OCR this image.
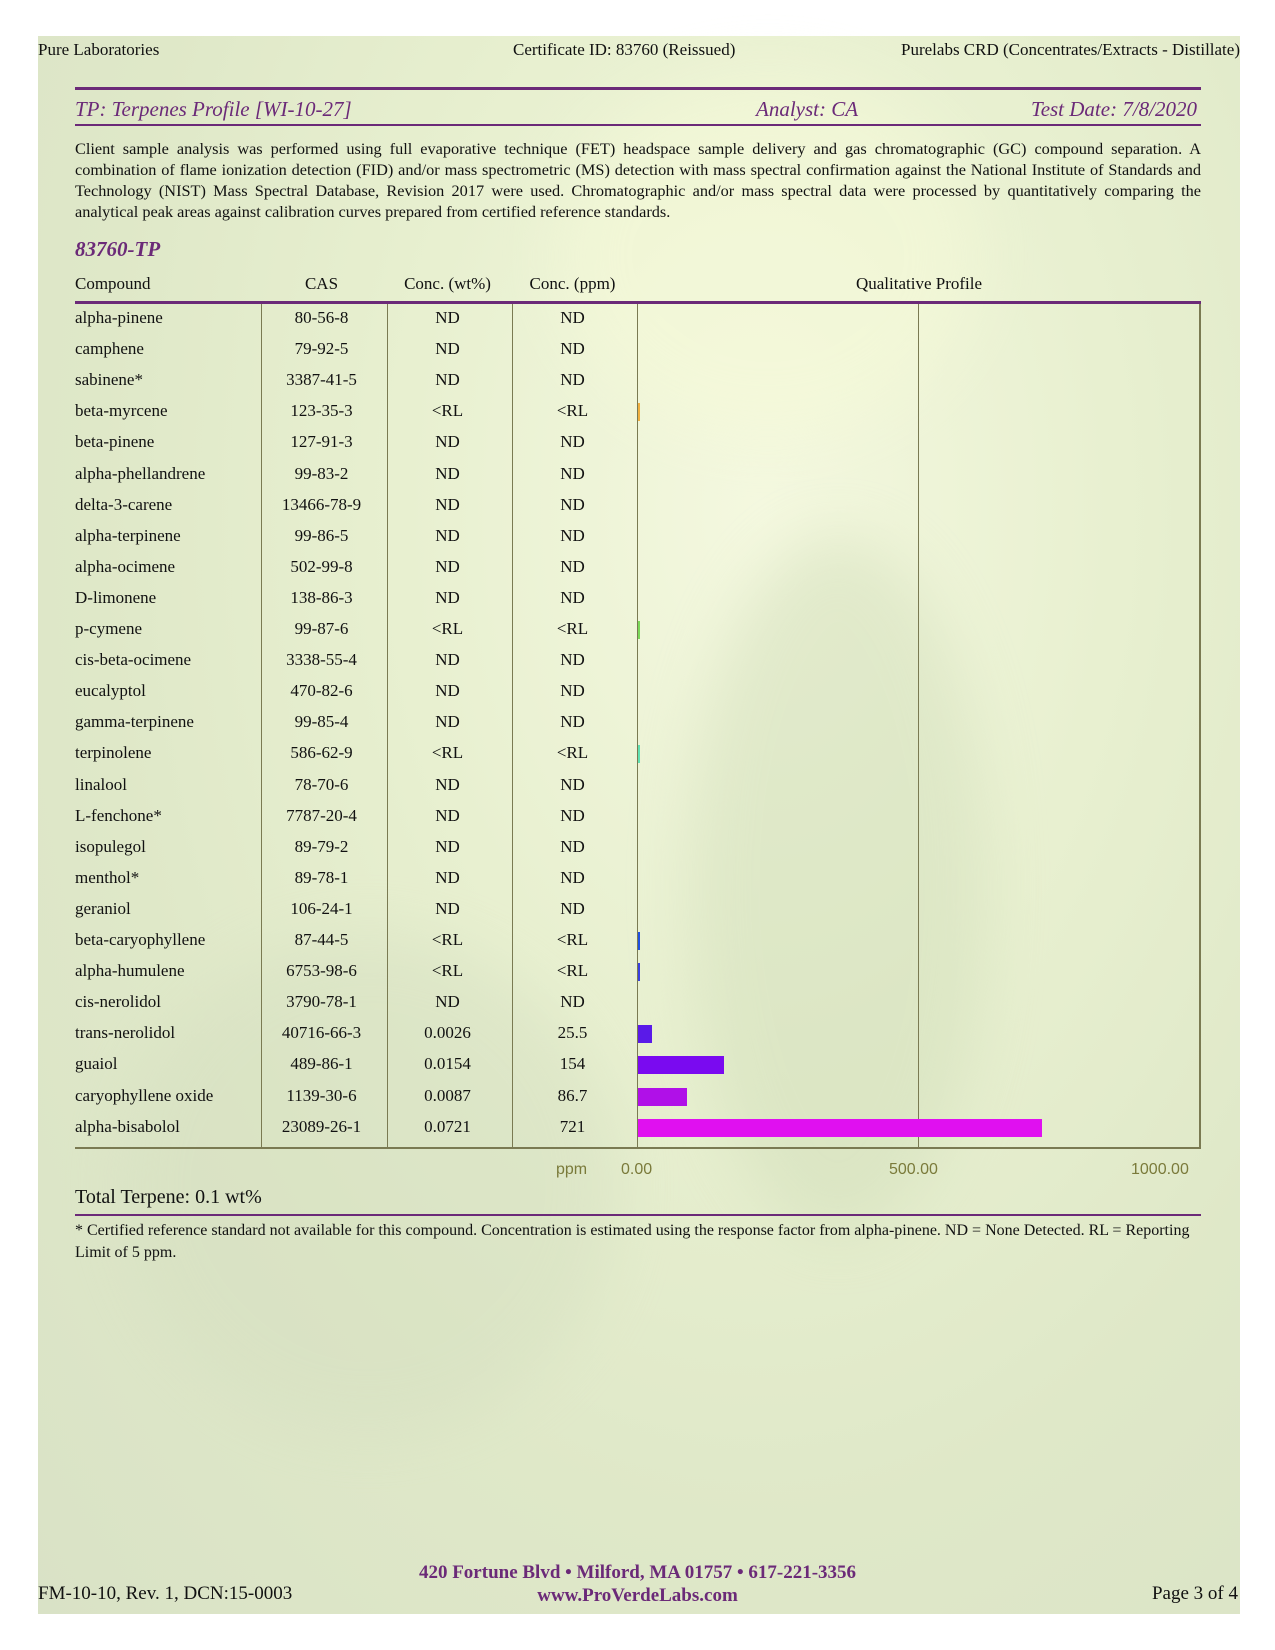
Pure Laboratories	Certificate ID: 83760 (Reissued)	Purelabs CRD (Concentrates/Extracts - Distillate)
TP: Terpenes Profile [WI-10-27]	Analyst: CA	Test Date: 7/8/2020
Client sample analysis was performed using full evaporative technique (FET) headspace sample delivery and gas chromatographic (GC) compound separation. A combination of flame ionization detection (FID) and/or mass spectrometric (MS) detection with mass spectral confirmation against the National Institute of Standards and Technology (NIST) Mass Spectral Database, Revision 2017 were used. Chromatographic and/or mass spectral data were processed by quantitatively comparing the analytical peak areas against calibration curves prepared from certified reference standards.
83760-TP
Compound	CAS	Conc. (wt%)	Conc. (ppm)	Qualitative Profile
alpha-pinene	80-56-8	ND	ND
camphene	79-92-5	ND	ND
sabinene*	3387-41-5	ND	ND
beta-myrcene	123-35-3	<RL	<RL
beta-pinene	127-91-3	ND	ND
alpha-phellandrene	99-83-2	ND	ND
delta-3-carene	13466-78-9	ND	ND
alpha-terpinene	99-86-5	ND	ND
alpha-ocimene	502-99-8	ND	ND
D-limonene	138-86-3	ND	ND
p-cymene	99-87-6	<RL	<RL
cis-beta-ocimene	3338-55-4	ND	ND
eucalyptol	470-82-6	ND	ND
gamma-terpinene	99-85-4	ND	ND
terpinolene	586-62-9	<RL	<RL
linalool	78-70-6	ND	ND
L-fenchone*	7787-20-4	ND	ND
isopulegol	89-79-2	ND	ND
menthol*	89-78-1	ND	ND
geraniol	106-24-1	ND	ND
beta-caryophyllene	87-44-5	<RL	<RL
alpha-humulene	6753-98-6	<RL	<RL
cis-nerolidol	3790-78-1	ND	ND
trans-nerolidol	40716-66-3	0.0026	25.5
guaiol	489-86-1	0.0154	154
caryophyllene oxide	1139-30-6	0.0087	86.7
alpha-bisabolol	23089-26-1	0.0721	721
ppm 0.00	500.00	1000.00
Total Terpene: 0.1 wt%
* Certified reference standard not available for this compound. Concentration is estimated using the response factor from alpha-pinene. ND = None Detected. RL = Reporting Limit of 5 ppm.
420 Fortune Blvd • Milford, MA 01757 • 617-221-3356
www.ProVerdeLabs.com
FM-10-10, Rev. 1, DCN:15-0003	Page 3 of 4
